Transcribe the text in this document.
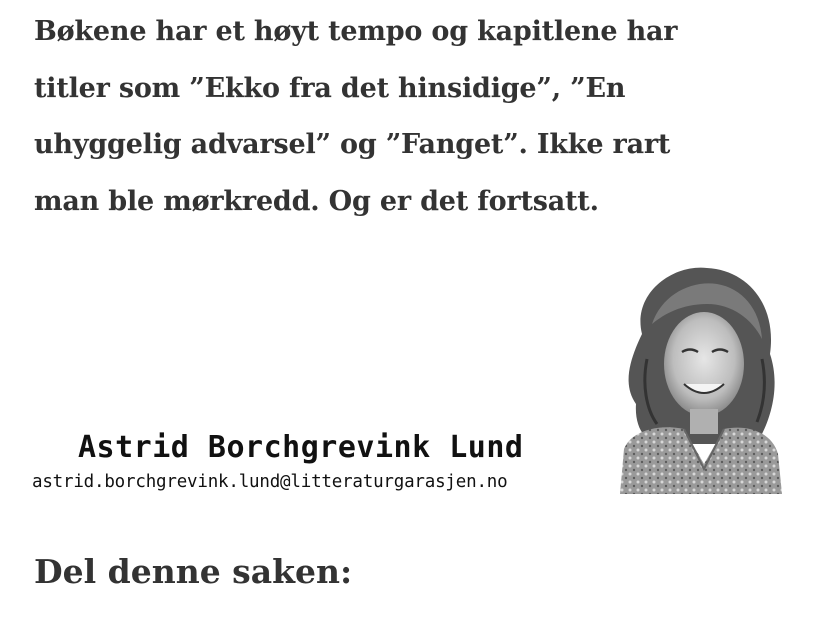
Bøkene har et høyt tempo og kapitlene har
titler som ”Ekko fra det hinsidige”, ”En
uhyggelig advarsel” og ”Fanget”. Ikke rart
man ble mørkredd. Og er det fortsatt.

Astrid Borchgrevink Lund

astrid.borchgrevink.lund@litteraturgarasjen.no

Del denne saken:
